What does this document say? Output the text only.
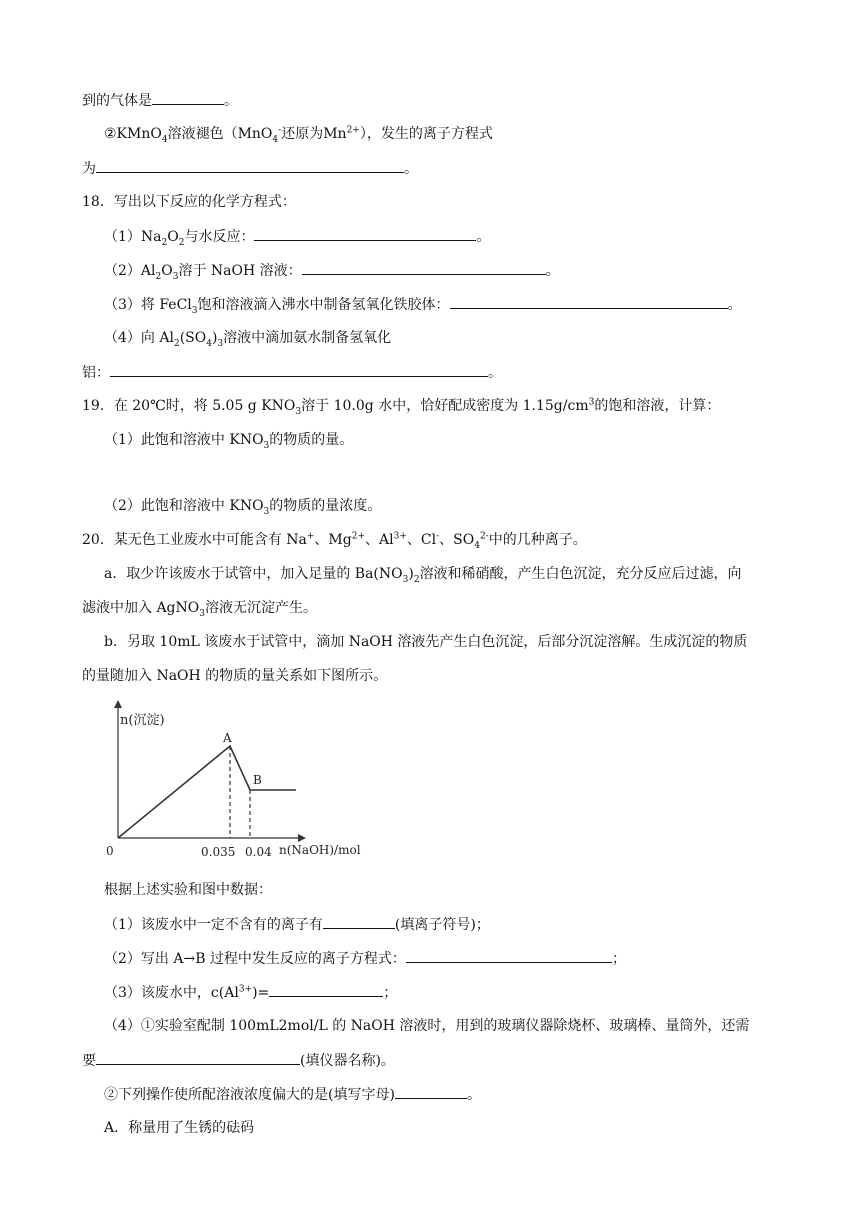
到的气体是	。
②KMnO$_4$溶液褪色（MnO$_4$-还原为$Mn^{2+}$），发生的离子方程式
为	。
18．写出以下反应的化学方程式：
$(1)Na_2O_2$与水反应：	。
$(2)Al_2O_3$溶于 NaOH 溶液：	。
（3）将 FeCl$_3$饱和溶液滴入沸水中制备氢氧化铁胶体：	。
（4）向 $Al_2(SO_4)_3$溶液中滴加氨水制备氢氧化
铝：	。
19．在 20℃时，将 5.05 g $KNO_3$溶于 10.0g 水中，恰好配成密度为 $1.15g/cm^3$的饱和溶液，计算：
（1）此饱和溶液中 $KNO_3$的物质的量。
（2）此饱和溶液中 $KNO_3$的物质的量浓度。
20．某无色工业废水中可能含有 Na+、$Mg^{2+}$、$Al^{3+}$、Cl-、$SO_4^{2-}$中的几种离子。
a．取少许该废水于试管中，加入足量的 $Ba(NO_3)_2$溶液和稀硝酸，产生白色沉淀，充分反应后过滤，向
滤液中加入 AgNO$_3$溶液无沉淀产生。
b．另取 10mL 该废水于试管中，滴加 NaOH 溶液先产生白色沉淀，后部分沉淀溶解。生成沉淀的物质
的量随加入 NaOH 的物质的量关系如下图所示。
n(沉淀)
A
B
0	0.035 0.04 n(NaOH)/mol
根据上述实验和图中数据：
（1）该废水中一定不含有的离子有	(填离子符号)；
（2）写出 A→B 过程中发生反应的离子方程式：	；
（3）该废水中，$c(Al^{3+})=$	；
（4）①实验室配制 100mL2mol/L 的 NaOH 溶液时，用到的玻璃仪器除烧杯、玻璃棒、量筒外，还需
要	(填仪器名称)。
②下列操作使所配溶液浓度偏大的是(填写字母)	。
A．称量用了生锈的砝码
